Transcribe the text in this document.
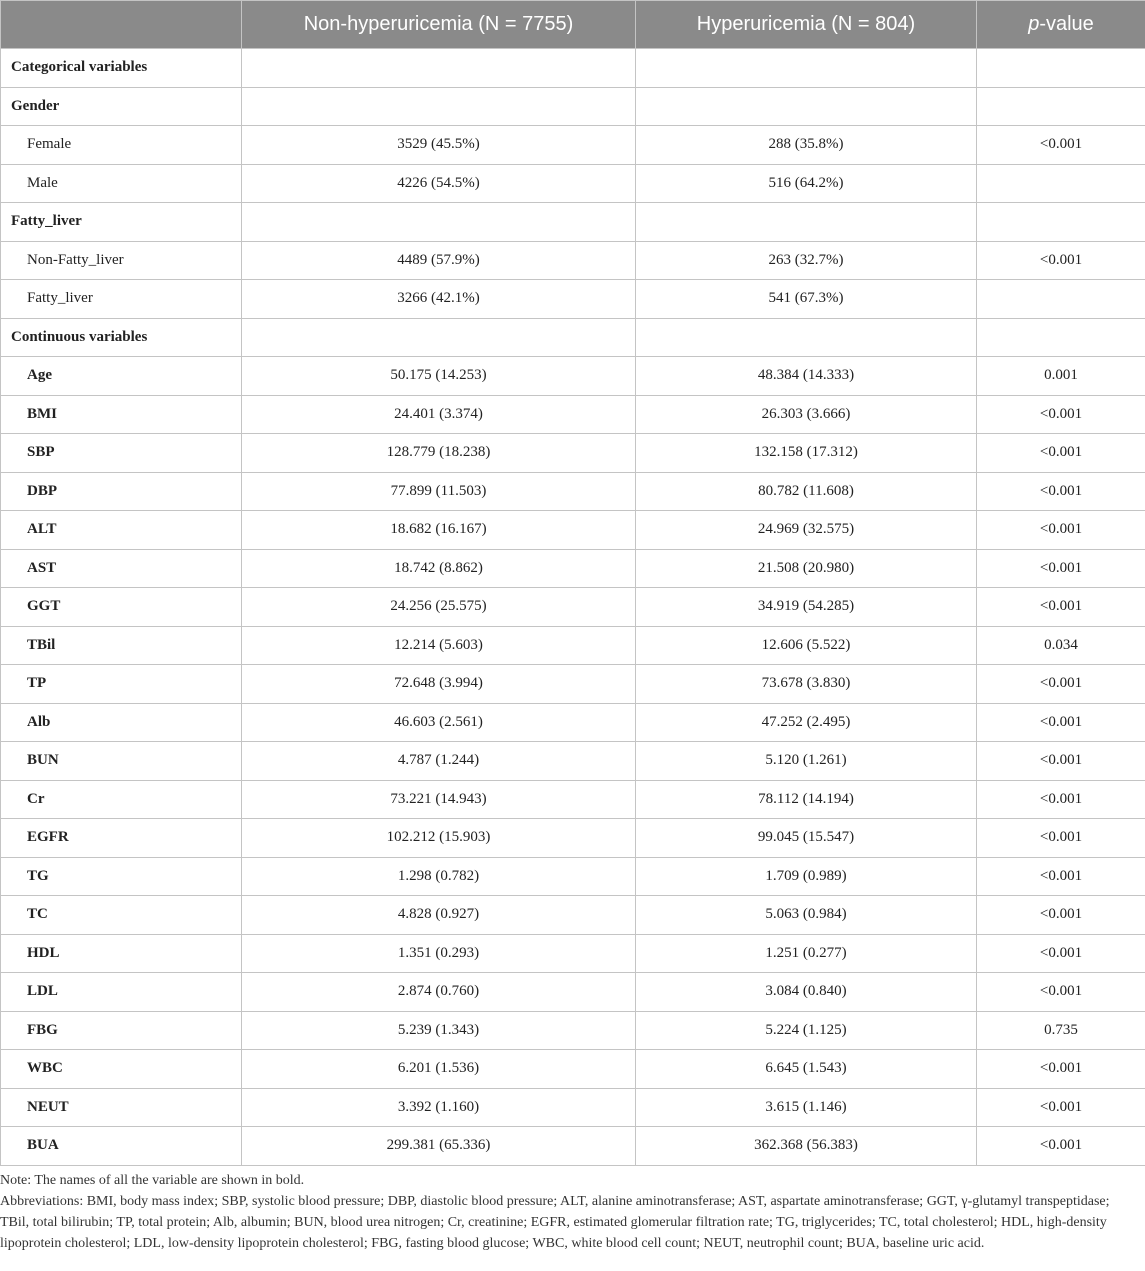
	Non-hyperuricemia (N = 7755)	Hyperuricemia (N = 804)	p-value
Categorical variables			
Gender			
Female	3529 (45.5%)	288 (35.8%)	<0.001
Male	4226 (54.5%)	516 (64.2%)	
Fatty_liver			
Non-Fatty_liver	4489 (57.9%)	263 (32.7%)	<0.001
Fatty_liver	3266 (42.1%)	541 (67.3%)	
Continuous variables			
Age	50.175 (14.253)	48.384 (14.333)	0.001
BMI	24.401 (3.374)	26.303 (3.666)	<0.001
SBP	128.779 (18.238)	132.158 (17.312)	<0.001
DBP	77.899 (11.503)	80.782 (11.608)	<0.001
ALT	18.682 (16.167)	24.969 (32.575)	<0.001
AST	18.742 (8.862)	21.508 (20.980)	<0.001
GGT	24.256 (25.575)	34.919 (54.285)	<0.001
TBil	12.214 (5.603)	12.606 (5.522)	0.034
TP	72.648 (3.994)	73.678 (3.830)	<0.001
Alb	46.603 (2.561)	47.252 (2.495)	<0.001
BUN	4.787 (1.244)	5.120 (1.261)	<0.001
Cr	73.221 (14.943)	78.112 (14.194)	<0.001
EGFR	102.212 (15.903)	99.045 (15.547)	<0.001
TG	1.298 (0.782)	1.709 (0.989)	<0.001
TC	4.828 (0.927)	5.063 (0.984)	<0.001
HDL	1.351 (0.293)	1.251 (0.277)	<0.001
LDL	2.874 (0.760)	3.084 (0.840)	<0.001
FBG	5.239 (1.343)	5.224 (1.125)	0.735
WBC	6.201 (1.536)	6.645 (1.543)	<0.001
NEUT	3.392 (1.160)	3.615 (1.146)	<0.001
BUA	299.381 (65.336)	362.368 (56.383)	<0.001

Note: The names of all the variable are shown in bold.

Abbreviations: BMI, body mass index; SBP, systolic blood pressure; DBP, diastolic blood pressure; ALT, alanine aminotransferase; AST, aspartate aminotransferase; GGT, γ-glutamyl transpeptidase; TBil, total bilirubin; TP, total protein; Alb, albumin; BUN, blood urea nitrogen; Cr, creatinine; EGFR, estimated glomerular filtration rate; TG, triglycerides; TC, total cholesterol; HDL, high-density lipoprotein cholesterol; LDL, low-density lipoprotein cholesterol; FBG, fasting blood glucose; WBC, white blood cell count; NEUT, neutrophil count; BUA, baseline uric acid.
